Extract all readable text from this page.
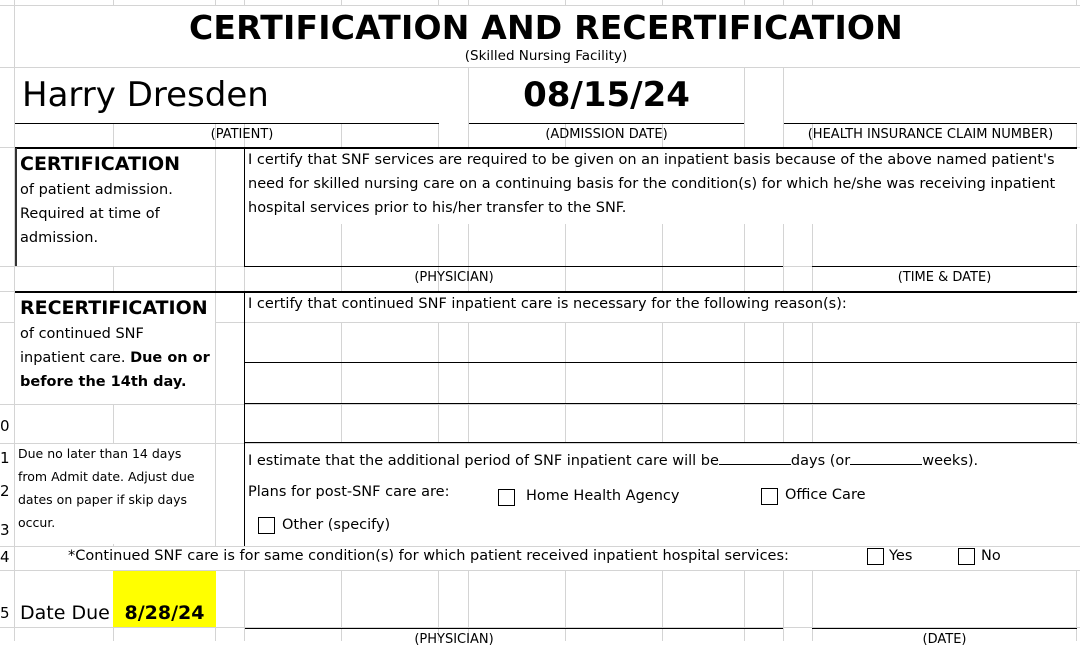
0
1
2
3
4
5
CERTIFICATION AND RECERTIFICATION
(Skilled Nursing Facility)
Harry Dresden	08/15/24
(PATIENT)	(ADMISSION DATE)	(HEALTH INSURANCE CLAIM NUMBER)
CERTIFICATION
of patient admission.
Required at time of
admission.
I certify that SNF services are required to be given on an inpatient basis because of the above named patient's
need for skilled nursing care on a continuing basis for the condition(s) for which he/she was receiving inpatient
hospital services prior to his/her transfer to the SNF.
(PHYSICIAN)	(TIME & DATE)
RECERTIFICATION
of continued SNF
inpatient care. Due on or
before the 14th day.
I certify that continued SNF inpatient care is necessary for the following reason(s):
Due no later than 14 days
from Admit date. Adjust due
dates on paper if skip days
occur.
I estimate that the additional period of SNF inpatient care will be	days (or	weeks).
Plans for post-SNF care are:	Home Health Agency	Office Care
Other (specify)
*Continued SNF care is for same condition(s) for which patient received inpatient hospital services:	Yes	No
Date Due 8/28/24
(PHYSICIAN)	(DATE)
